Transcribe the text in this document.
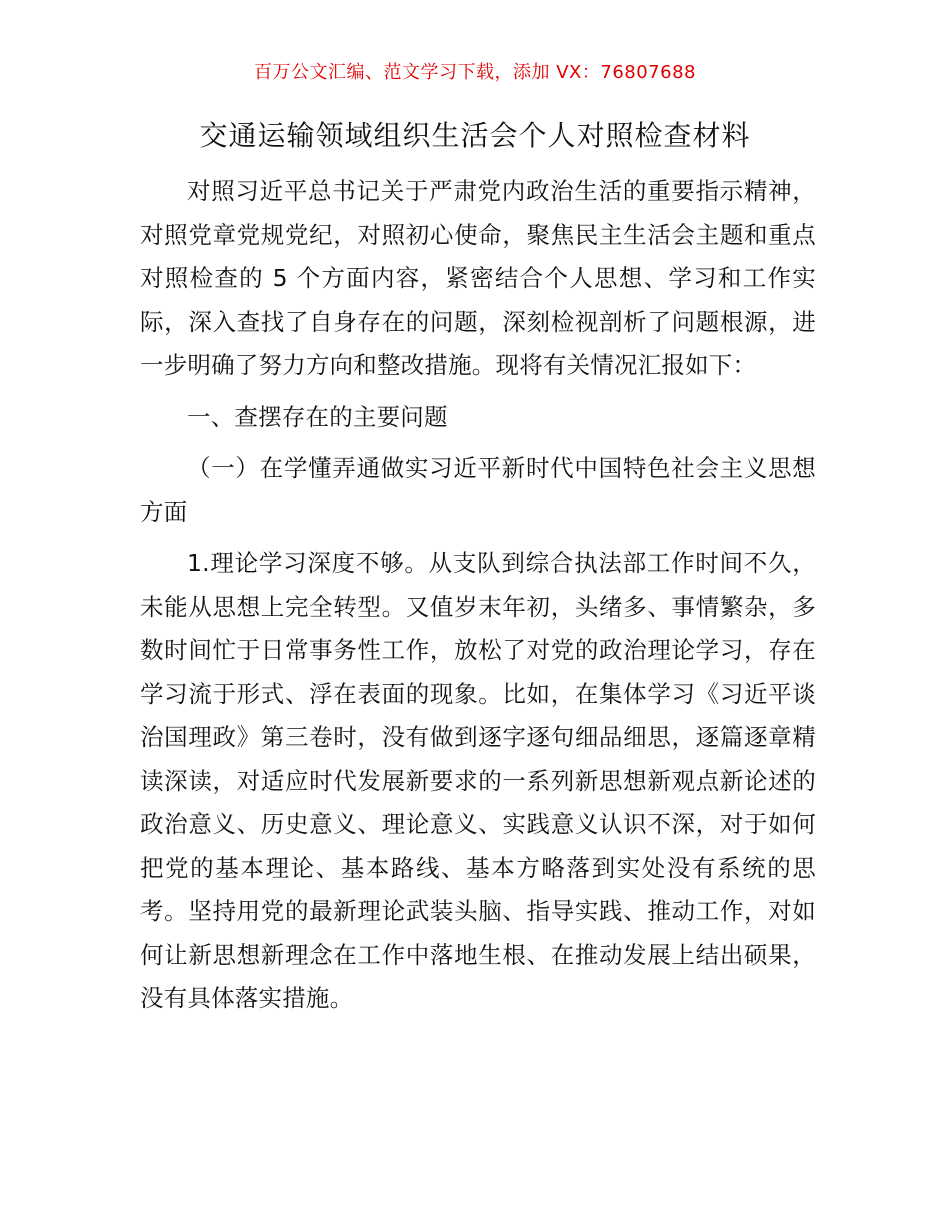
百万公文汇编、范文学习下载，添加 VX：76807688

交通运输领域组织生活会个人对照检查材料

对照习近平总书记关于严肃党内政治生活的重要指示精神，对照党章党规党纪，对照初心使命，聚焦民主生活会主题和重点对照检查的 5 个方面内容，紧密结合个人思想、学习和工作实际，深入查找了自身存在的问题，深刻检视剖析了问题根源，进一步明确了努力方向和整改措施。现将有关情况汇报如下：

一、查摆存在的主要问题

（一）在学懂弄通做实习近平新时代中国特色社会主义思想方面

1.理论学习深度不够。从支队到综合执法部工作时间不久，未能从思想上完全转型。又值岁末年初，头绪多、事情繁杂，多数时间忙于日常事务性工作，放松了对党的政治理论学习，存在学习流于形式、浮在表面的现象。比如，在集体学习《习近平谈治国理政》第三卷时，没有做到逐字逐句细品细思，逐篇逐章精读深读，对适应时代发展新要求的一系列新思想新观点新论述的政治意义、历史意义、理论意义、实践意义认识不深，对于如何把党的基本理论、基本路线、基本方略落到实处没有系统的思考。坚持用党的最新理论武装头脑、指导实践、推动工作，对如何让新思想新理念在工作中落地生根、在推动发展上结出硕果，没有具体落实措施。
